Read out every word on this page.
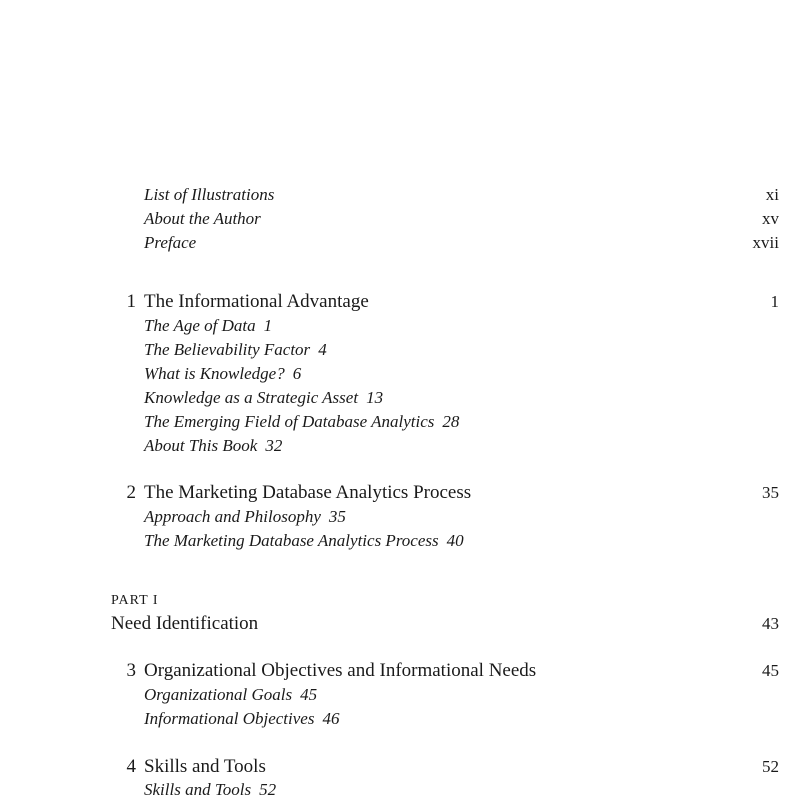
List of Illustrations	xi
About the Author	xv
Preface	xvii
1 The Informational Advantage	1
The Age of Data 1
The Believability Factor 4
What is Knowledge? 6
Knowledge as a Strategic Asset 13
The Emerging Field of Database Analytics 28
About This Book 32
2 The Marketing Database Analytics Process	35
Approach and Philosophy 35
The Marketing Database Analytics Process 40
PART I
Need Identification	43
3 Organizational Objectives and Informational Needs	45
Organizational Goals 45
Informational Objectives 46
4 Skills and Tools	52
Skills and Tools 52
